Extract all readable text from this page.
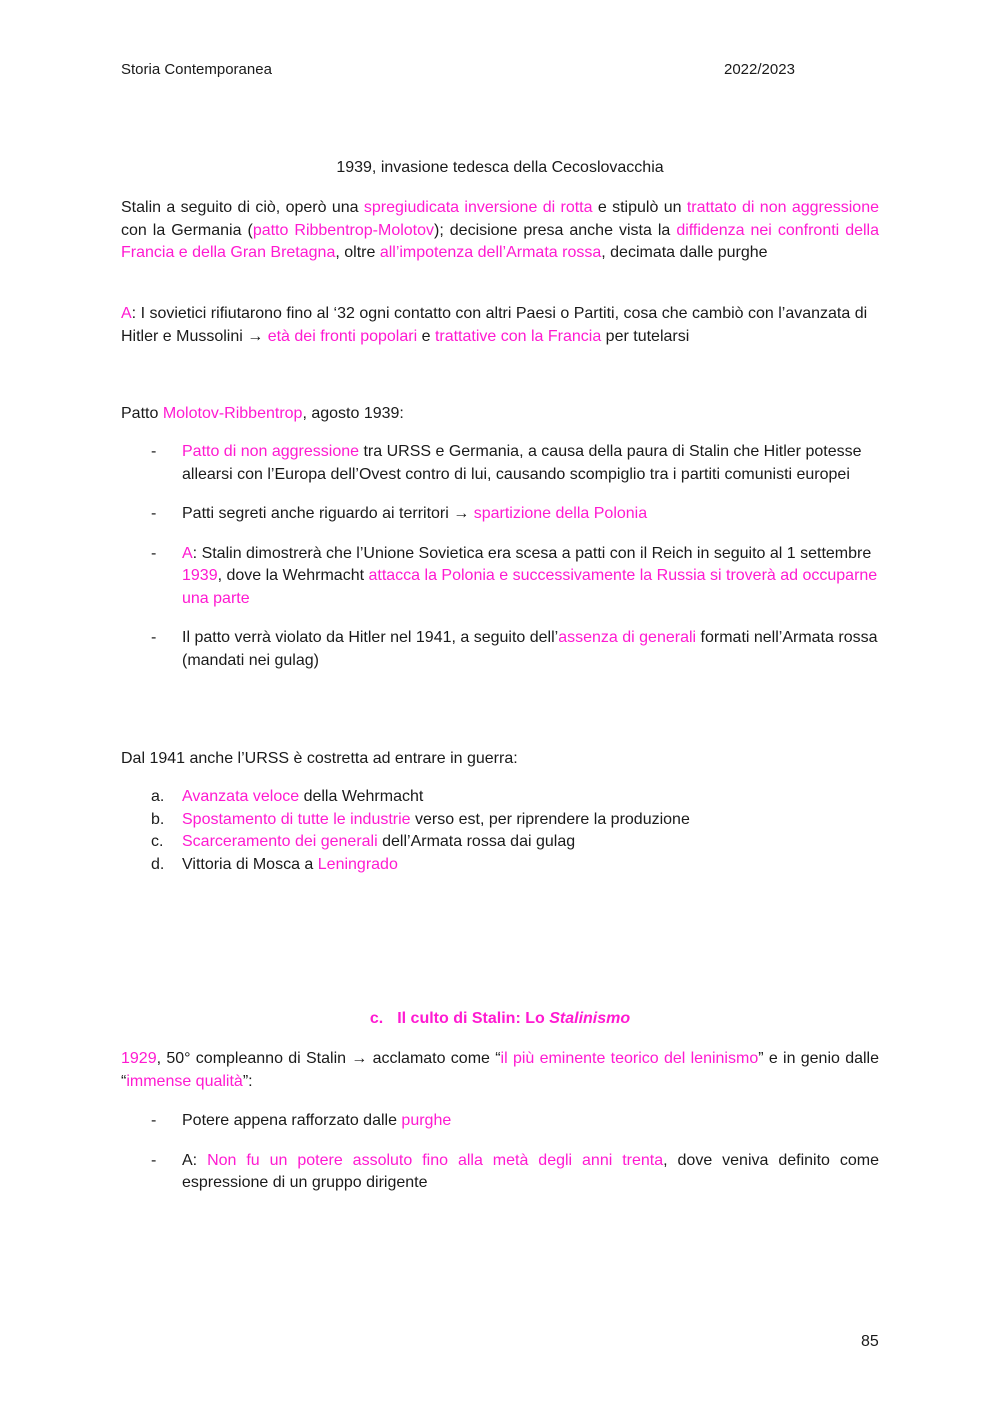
Storia Contemporanea	2022/2023
1939, invasione tedesca della Cecoslovacchia
Stalin a seguito di ciò, operò una spregiudicata inversione di rotta e stipulò un trattato di non aggressione con la Germania (patto Ribbentrop-Molotov); decisione presa anche vista la diffidenza nei confronti della Francia e della Gran Bretagna, oltre all’impotenza dell’Armata rossa, decimata dalle purghe
A: I sovietici rifiutarono fino al ‘32 ogni contatto con altri Paesi o Partiti, cosa che cambiò con l’avanzata di Hitler e Mussolini → età dei fronti popolari e trattative con la Francia per tutelarsi
Patto Molotov-Ribbentrop, agosto 1939:
- Patto di non aggressione tra URSS e Germania, a causa della paura di Stalin che Hitler potesse allearsi con l’Europa dell’Ovest contro di lui, causando scompiglio tra i partiti comunisti europei
- Patti segreti anche riguardo ai territori → spartizione della Polonia
- A: Stalin dimostrerà che l’Unione Sovietica era scesa a patti con il Reich in seguito al 1 settembre 1939, dove la Wehrmacht attacca la Polonia e successivamente la Russia si troverà ad occuparne una parte
- Il patto verrà violato da Hitler nel 1941, a seguito dell’assenza di generali formati nell’Armata rossa (mandati nei gulag)
Dal 1941 anche l’URSS è costretta ad entrare in guerra:
a. Avanzata veloce della Wehrmacht
b. Spostamento di tutte le industrie verso est, per riprendere la produzione
c. Scarceramento dei generali dell’Armata rossa dai gulag
d. Vittoria di Mosca a Leningrado
c. Il culto di Stalin: Lo Stalinismo
1929, 50° compleanno di Stalin → acclamato come “il più eminente teorico del leninismo” e in genio dalle “immense qualità”:
- Potere appena rafforzato dalle purghe
- A: Non fu un potere assoluto fino alla metà degli anni trenta, dove veniva definito come espressione di un gruppo dirigente
85
